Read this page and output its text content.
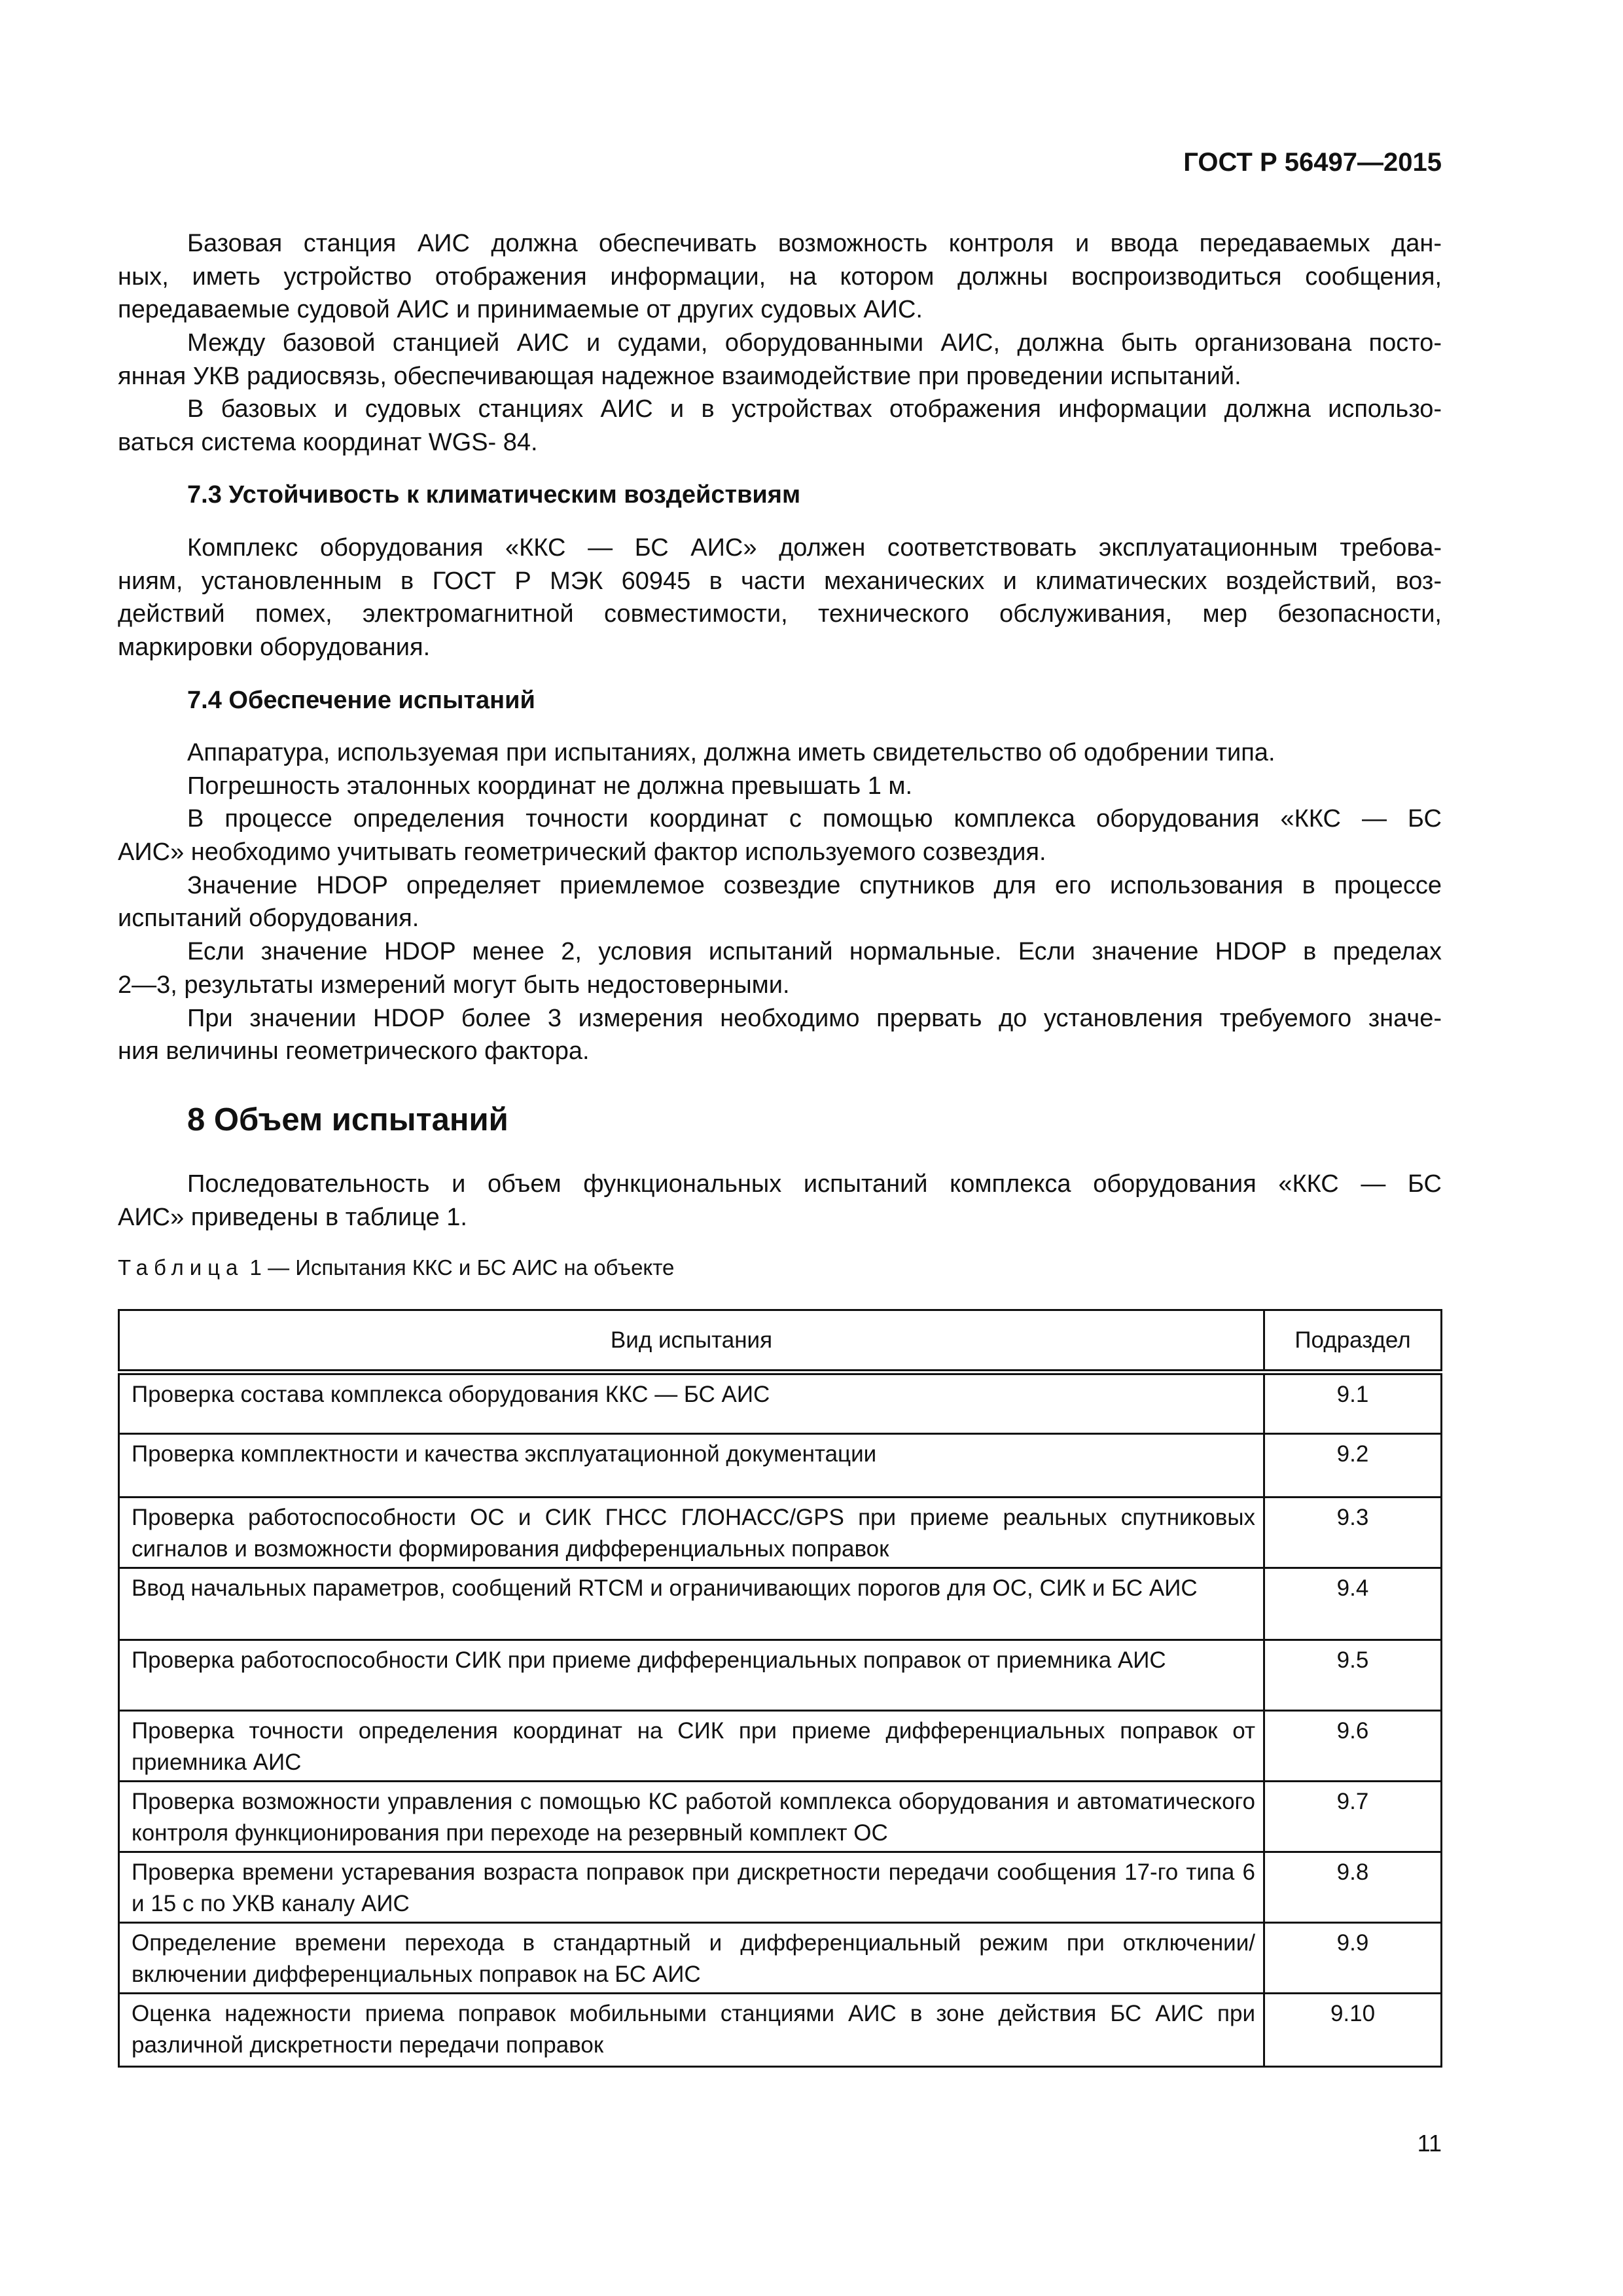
ГОСТ Р 56497—2015
Базовая станция АИС должна обеспечивать возможность контроля и ввода передаваемых дан-
ных, иметь устройство отображения информации, на котором должны воспроизводиться сообщения,
передаваемые судовой АИС и принимаемые от других судовых АИС.
Между базовой станцией АИС и судами, оборудованными АИС, должна быть организована посто-
янная УКВ радиосвязь, обеспечивающая надежное взаимодействие при проведении испытаний.
В базовых и судовых станциях АИС и в устройствах отображения информации должна использо-
ваться система координат WGS- 84.
7.3 Устойчивость к климатическим воздействиям
Комплекс оборудования «ККС — БС АИС» должен соответствовать эксплуатационным требова-
ниям, установленным в ГОСТ Р МЭК 60945 в части механических и климатических воздействий, воз-
действий помех, электромагнитной совместимости, технического обслуживания, мер безопасности,
маркировки оборудования.
7.4 Обеспечение испытаний
Аппаратура, используемая при испытаниях, должна иметь свидетельство об одобрении типа.
Погрешность эталонных координат не должна превышать 1 м.
В процессе определения точности координат с помощью комплекса оборудования «ККС — БС
АИС» необходимо учитывать геометрический фактор используемого созвездия.
Значение HDOP определяет приемлемое созвездие спутников для его использования в процессе
испытаний оборудования.
Если значение HDOP менее 2, условия испытаний нормальные. Если значение HDOP в пределах
2—3, результаты измерений могут быть недостоверными.
При значении HDOP более 3 измерения необходимо прервать до установления требуемого значе-
ния величины геометрического фактора.
8 Объем испытаний
Последовательность и объем функциональных испытаний комплекса оборудования «ККС — БС
АИС» приведены в таблице 1.
Таблица 1 — Испытания ККС и БС АИС на объекте
Вид испытания	Подраздел
Проверка состава комплекса оборудования ККС — БС АИС	9.1
Проверка комплектности и качества эксплуатационной документации	9.2
Проверка работоспособности ОС и СИК ГНСС ГЛОНАСС/GPS при приеме реальных спутниковых сигналов и возможности формирования дифференциальных поправок	9.3
Ввод начальных параметров, сообщений RTCM и ограничивающих порогов для ОС, СИК и БС АИС	9.4
Проверка работоспособности СИК при приеме дифференциальных поправок от приемника АИС	9.5
Проверка точности определения координат на СИК при приеме дифференциальных поправок от приемника АИС	9.6
Проверка возможности управления с помощью КС работой комплекса оборудования и автоматического контроля функционирования при переходе на резервный комплект ОС	9.7
Проверка времени устаревания возраста поправок при дискретности передачи сообщения 17-го типа 6 и 15 с по УКВ каналу АИС	9.8
Определение времени перехода в стандартный и дифференциальный режим при отключении/ включении дифференциальных поправок на БС АИС	9.9
Оценка надежности приема поправок мобильными станциями АИС в зоне действия БС АИС при различной дискретности передачи поправок	9.10
11
